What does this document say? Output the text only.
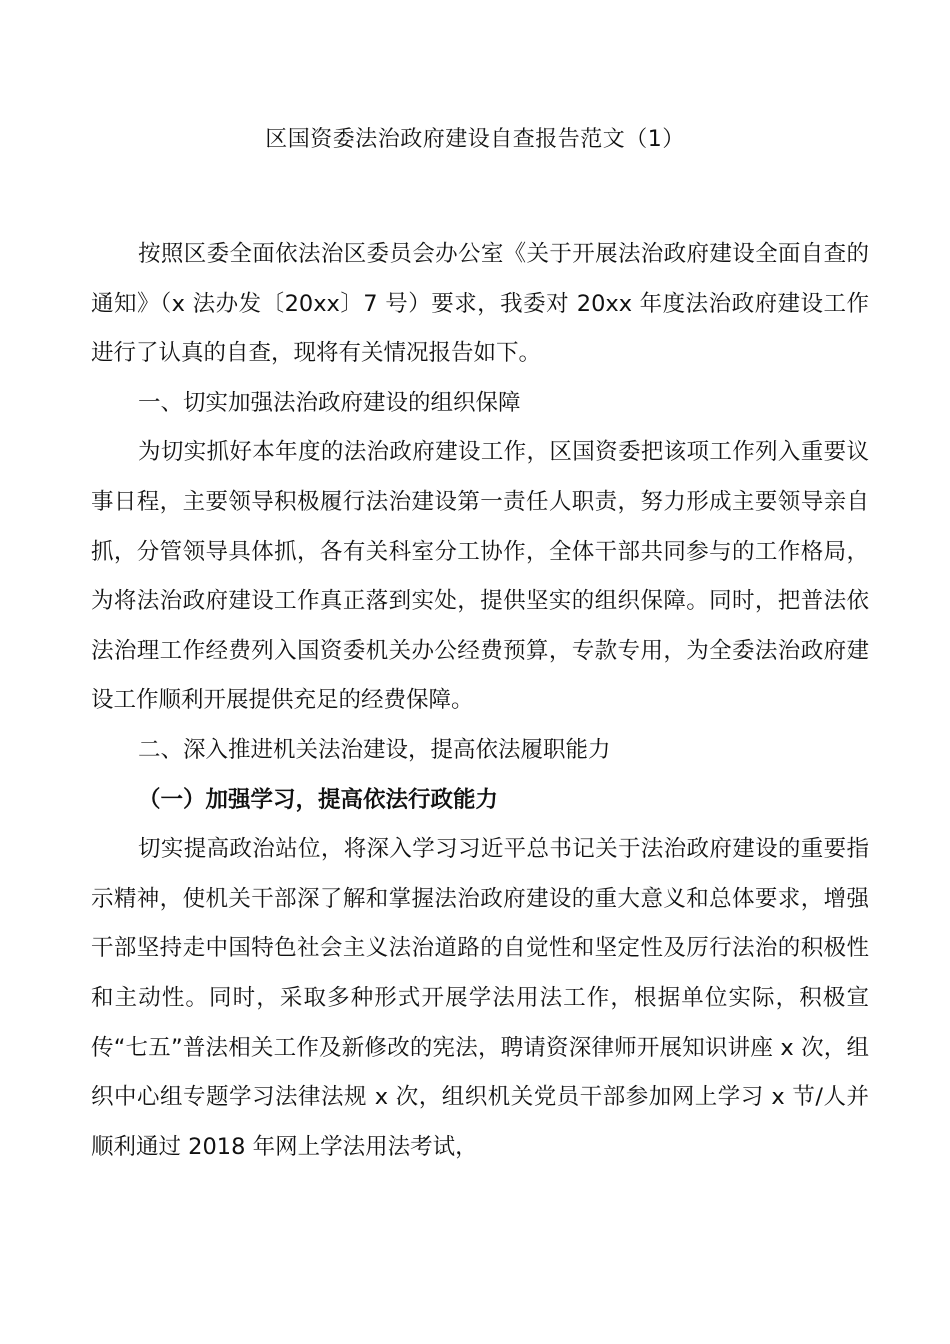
区国资委法治政府建设自查报告范文（1）

按照区委全面依法治区委员会办公室《关于开展法治政府建设全面自查的通知》（x 法办发〔20xx〕7 号）要求，我委对 20xx 年度法治政府建设工作进行了认真的自查，现将有关情况报告如下。

一、切实加强法治政府建设的组织保障

为切实抓好本年度的法治政府建设工作，区国资委把该项工作列入重要议事日程，主要领导积极履行法治建设第一责任人职责，努力形成主要领导亲自抓，分管领导具体抓，各有关科室分工协作，全体干部共同参与的工作格局，为将法治政府建设工作真正落到实处，提供坚实的组织保障。同时，把普法依法治理工作经费列入国资委机关办公经费预算，专款专用，为全委法治政府建设工作顺利开展提供充足的经费保障。

二、深入推进机关法治建设，提高依法履职能力

（一）加强学习，提高依法行政能力

切实提高政治站位，将深入学习习近平总书记关于法治政府建设的重要指示精神，使机关干部深了解和掌握法治政府建设的重大意义和总体要求，增强干部坚持走中国特色社会主义法治道路的自觉性和坚定性及厉行法治的积极性和主动性。同时，采取多种形式开展学法用法工作，根据单位实际，积极宣传“七五”普法相关工作及新修改的宪法，聘请资深律师开展知识讲座 x 次，组织中心组专题学习法律法规 x 次，组织机关党员干部参加网上学习 x 节/人并顺利通过 2018 年网上学法用法考试，
